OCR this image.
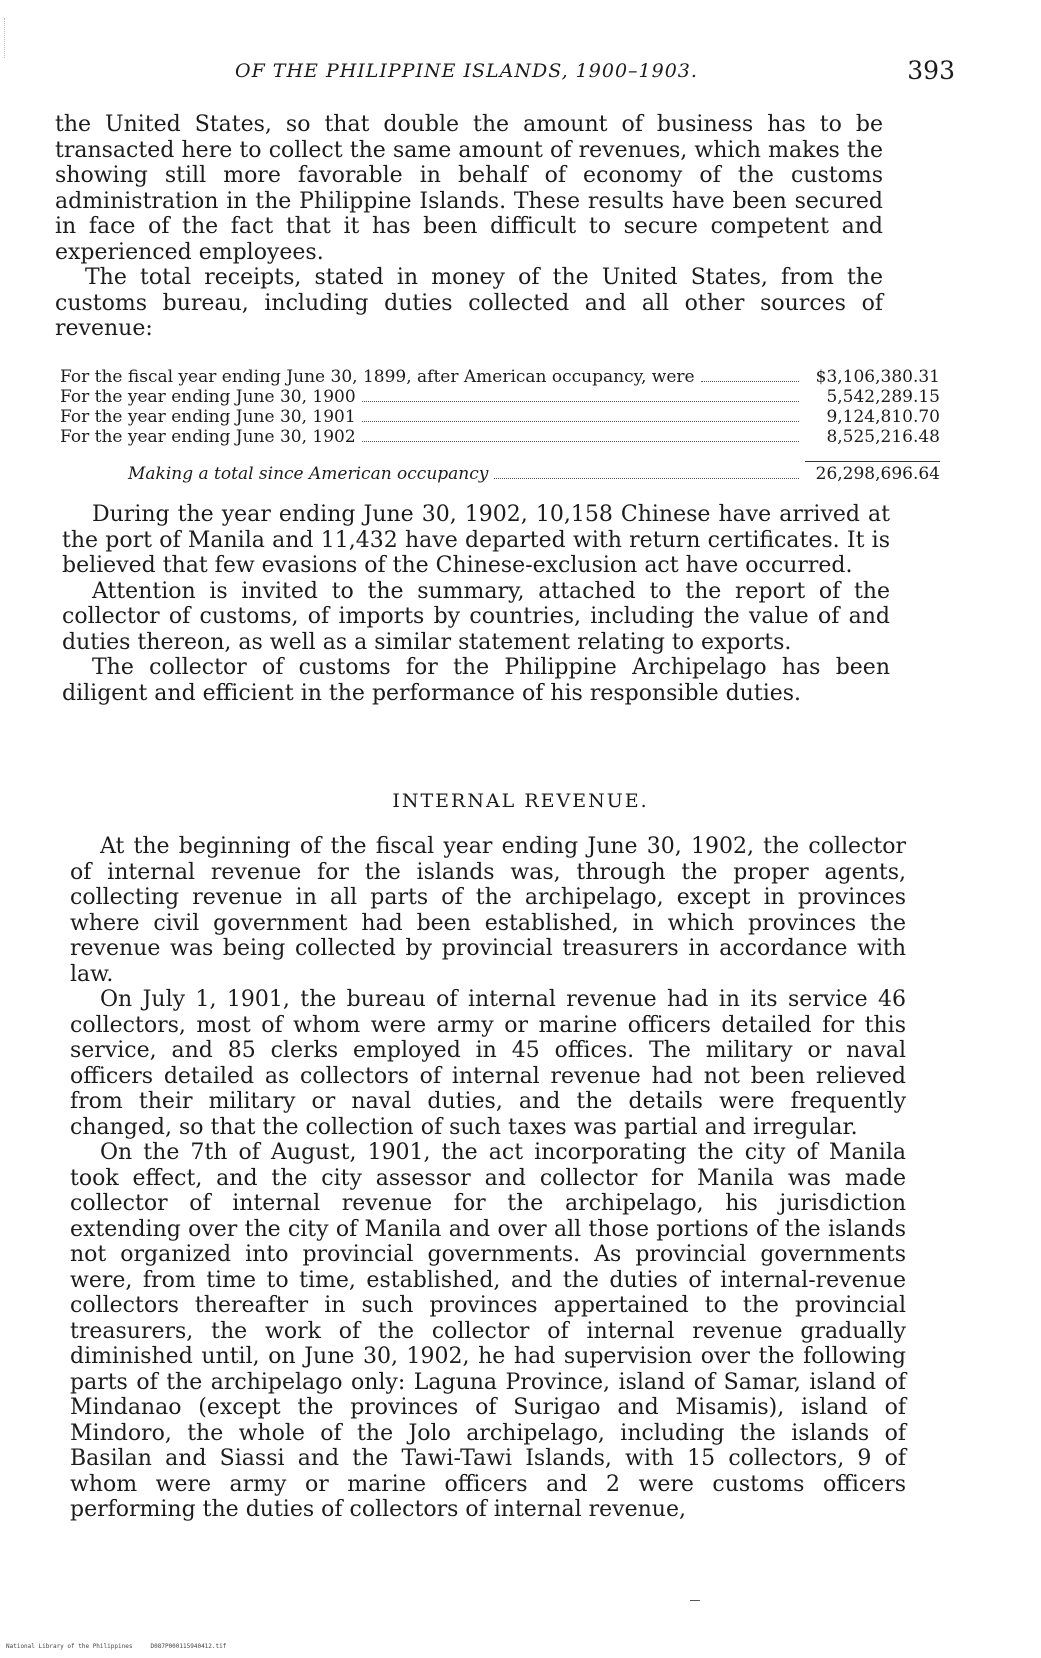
OF THE PHILIPPINE ISLANDS, 1900–1903.	393

the United States, so that double the amount of business has to be transacted here to collect the same amount of revenues, which makes the showing still more favorable in behalf of economy of the customs administration in the Philippine Islands. These results have been secured in face of the fact that it has been difficult to secure competent and experienced employees.

The total receipts, stated in money of the United States, from the customs bureau, including duties collected and all other sources of revenue:

For the fiscal year ending June 30, 1899, after American occupancy, were	$3,106,380.31
For the year ending June 30, 1900	5,542,289.15
For the year ending June 30, 1901	9,124,810.70
For the year ending June 30, 1902	8,525,216.48
Making a total since American occupancy	26,298,696.64

During the year ending June 30, 1902, 10,158 Chinese have arrived at the port of Manila and 11,432 have departed with return certificates. It is believed that few evasions of the Chinese-exclusion act have occurred.

Attention is invited to the summary, attached to the report of the collector of customs, of imports by countries, including the value of and duties thereon, as well as a similar statement relating to exports.

The collector of customs for the Philippine Archipelago has been diligent and efficient in the performance of his responsible duties.

INTERNAL REVENUE.

At the beginning of the fiscal year ending June 30, 1902, the collector of internal revenue for the islands was, through the proper agents, collecting revenue in all parts of the archipelago, except in provinces where civil government had been established, in which provinces the revenue was being collected by provincial treasurers in accordance with law.

On July 1, 1901, the bureau of internal revenue had in its service 46 collectors, most of whom were army or marine officers detailed for this service, and 85 clerks employed in 45 offices. The military or naval officers detailed as collectors of internal revenue had not been relieved from their military or naval duties, and the details were frequently changed, so that the collection of such taxes was partial and irregular.

On the 7th of August, 1901, the act incorporating the city of Manila took effect, and the city assessor and collector for Manila was made collector of internal revenue for the archipelago, his jurisdiction extending over the city of Manila and over all those portions of the islands not organized into provincial governments. As provincial governments were, from time to time, established, and the duties of internal-revenue collectors thereafter in such provinces appertained to the provincial treasurers, the work of the collector of internal revenue gradually diminished until, on June 30, 1902, he had supervision over the following parts of the archipelago only: Laguna Province, island of Samar, island of Mindanao (except the provinces of Surigao and Misamis), island of Mindoro, the whole of the Jolo archipelago, including the islands of Basilan and Siassi and the Tawi-Tawi Islands, with 15 collectors, 9 of whom were army or marine officers and 2 were customs officers performing the duties of collectors of internal revenue,

National Library of the Philippines	D087P000115940412.tif
